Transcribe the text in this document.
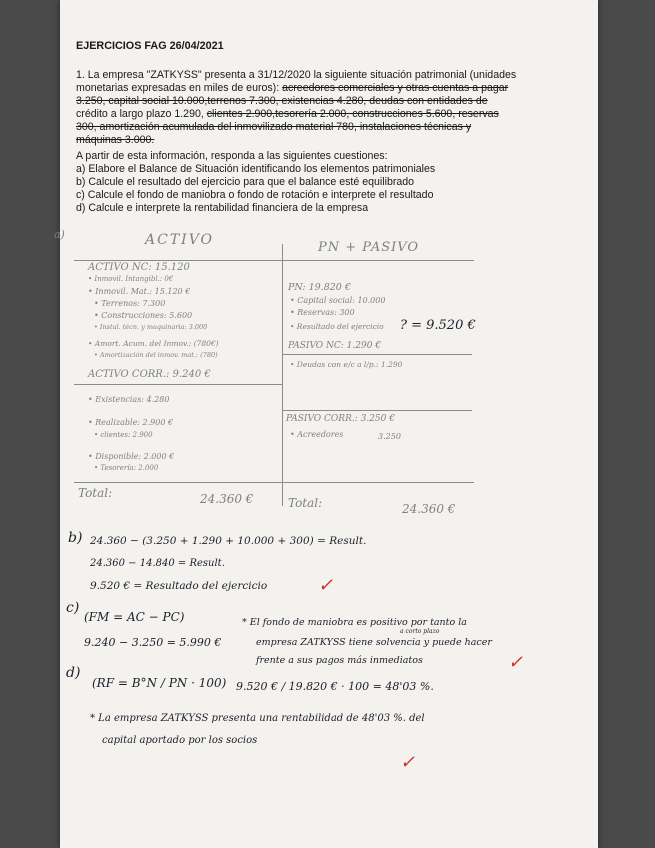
EJERCICIOS FAG 26/04/2021
1. La empresa "ZATKYSS" presenta a 31/12/2020 la siguiente situación patrimonial (unidades
monetarias expresadas en miles de euros): acreedores comerciales y otras cuentas a pagar
3.250, capital social 10.000,terrenos 7.300, existencias 4.280, deudas con entidades de
crédito a largo plazo 1.290, clientes 2.900,tesorería 2.000, construcciones 5.600, reservas
300, amortización acumulada del inmovilizado material 780, instalaciones técnicas y
máquinas 3.000.
A partir de esta información, responda a las siguientes cuestiones:
a) Elabore el Balance de Situación identificando los elementos patrimoniales
b) Calcule el resultado del ejercicio para que el balance esté equilibrado
c) Calcule el fondo de maniobra o fondo de rotación e interprete el resultado
d) Calcule e interprete la rentabilidad financiera de la empresa
a)	ACTIVO	PN + PASIVO
ACTIVO NC: 15.120
• Inmovil. Intangibl.: 0€
• Inmovil. Mat.: 15.120 €
• Terrenos: 7.300
• Construcciones: 5.600
• Instal. técn. y maquinaria: 3.000
• Amort. Acum. del Inmov.: (780€)
• Amortización del inmov. mat.: (780)
ACTIVO CORR.: 9.240 €
• Existencias: 4.280
• Realizable: 2.900 €
• clientes: 2.900
• Disponible: 2.000 €
• Tesorería: 2.000
Total:	24.360 €
PN: 19.820 €
• Capital social: 10.000
• Reservas: 300
• Resultado del ejercicio ? = 9.520 €
PASIVO NC: 1.290 €
• Deudas con e/c a l/p.: 1.290
PASIVO CORR.: 3.250 €
• Acreedores	3.250
Total:	24.360 €
b) 24.360 − (3.250 + 1.290 + 10.000 + 300) = Result.
24.360 − 14.840 = Result.
9.520 € = Resultado del ejercicio	✓
c)
(FM = AC − PC)
9.240 − 3.250 = 5.990 €
* El fondo de maniobra es positivo por tanto la
a corto plazo
empresa ZATKYSS tiene solvencia y puede hacer
frente a sus pagos más inmediatos	✓
d)
(RF = B°N / PN · 100) 9.520 € / 19.820 € · 100 = 48'03 %.
* La empresa ZATKYSS presenta una rentabilidad de 48'03 %. del
capital aportado por los socios
✓
